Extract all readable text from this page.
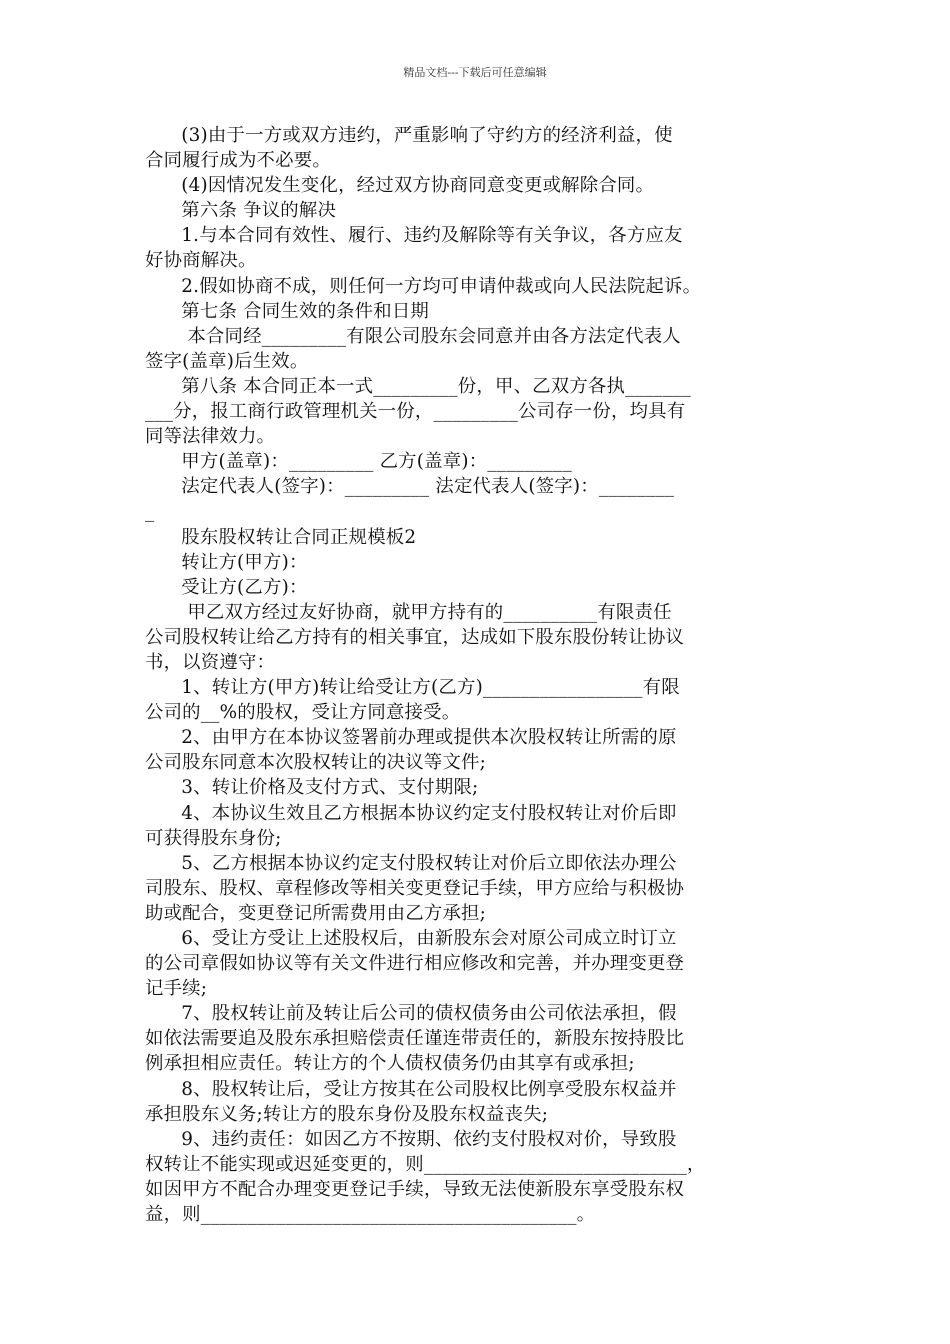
精品文档---下载后可任意编辑
(3)由于一方或双方违约，严重影响了守约方的经济利益，使
合同履行成为不必要。
(4)因情况发生变化，经过双方协商同意变更或解除合同。
第六条 争议的解决
1.与本合同有效性、履行、违约及解除等有关争议，各方应友
好协商解决。
2.假如协商不成，则任何一方均可申请仲裁或向人民法院起诉。
第七条 合同生效的条件和日期
本合同经_________有限公司股东会同意并由各方法定代表人
签字(盖章)后生效。
第八条 本合同正本一式_________份，甲、乙双方各执_______
___分，报工商行政管理机关一份，_________公司存一份，均具有
同等法律效力。
甲方(盖章)：_________ 乙方(盖章)：_________
法定代表人(签字)：_________ 法定代表人(签字)：________
_
股东股权转让合同正规模板2
转让方(甲方)：
受让方(乙方)：
甲乙双方经过友好协商，就甲方持有的__________有限责任
公司股权转让给乙方持有的相关事宜，达成如下股东股份转让协议
书，以资遵守：
1、转让方(甲方)转让给受让方(乙方)_________________有限
公司的__%的股权，受让方同意接受。
2、由甲方在本协议签署前办理或提供本次股权转让所需的原
公司股东同意本次股权转让的决议等文件;
3、转让价格及支付方式、支付期限;
4、本协议生效且乙方根据本协议约定支付股权转让对价后即
可获得股东身份;
5、乙方根据本协议约定支付股权转让对价后立即依法办理公
司股东、股权、章程修改等相关变更登记手续，甲方应给与积极协
助或配合，变更登记所需费用由乙方承担;
6、受让方受让上述股权后，由新股东会对原公司成立时订立
的公司章假如协议等有关文件进行相应修改和完善，并办理变更登
记手续;
7、股权转让前及转让后公司的债权债务由公司依法承担，假
如依法需要追及股东承担赔偿责任谨连带责任的，新股东按持股比
例承担相应责任。转让方的个人债权债务仍由其享有或承担;
8、股权转让后，受让方按其在公司股权比例享受股东权益并
承担股东义务;转让方的股东身份及股东权益丧失;
9、违约责任：如因乙方不按期、依约支付股权对价，导致股
权转让不能实现或迟延变更的，则____________________________，
如因甲方不配合办理变更登记手续，导致无法使新股东享受股东权
益，则________________________________________。
